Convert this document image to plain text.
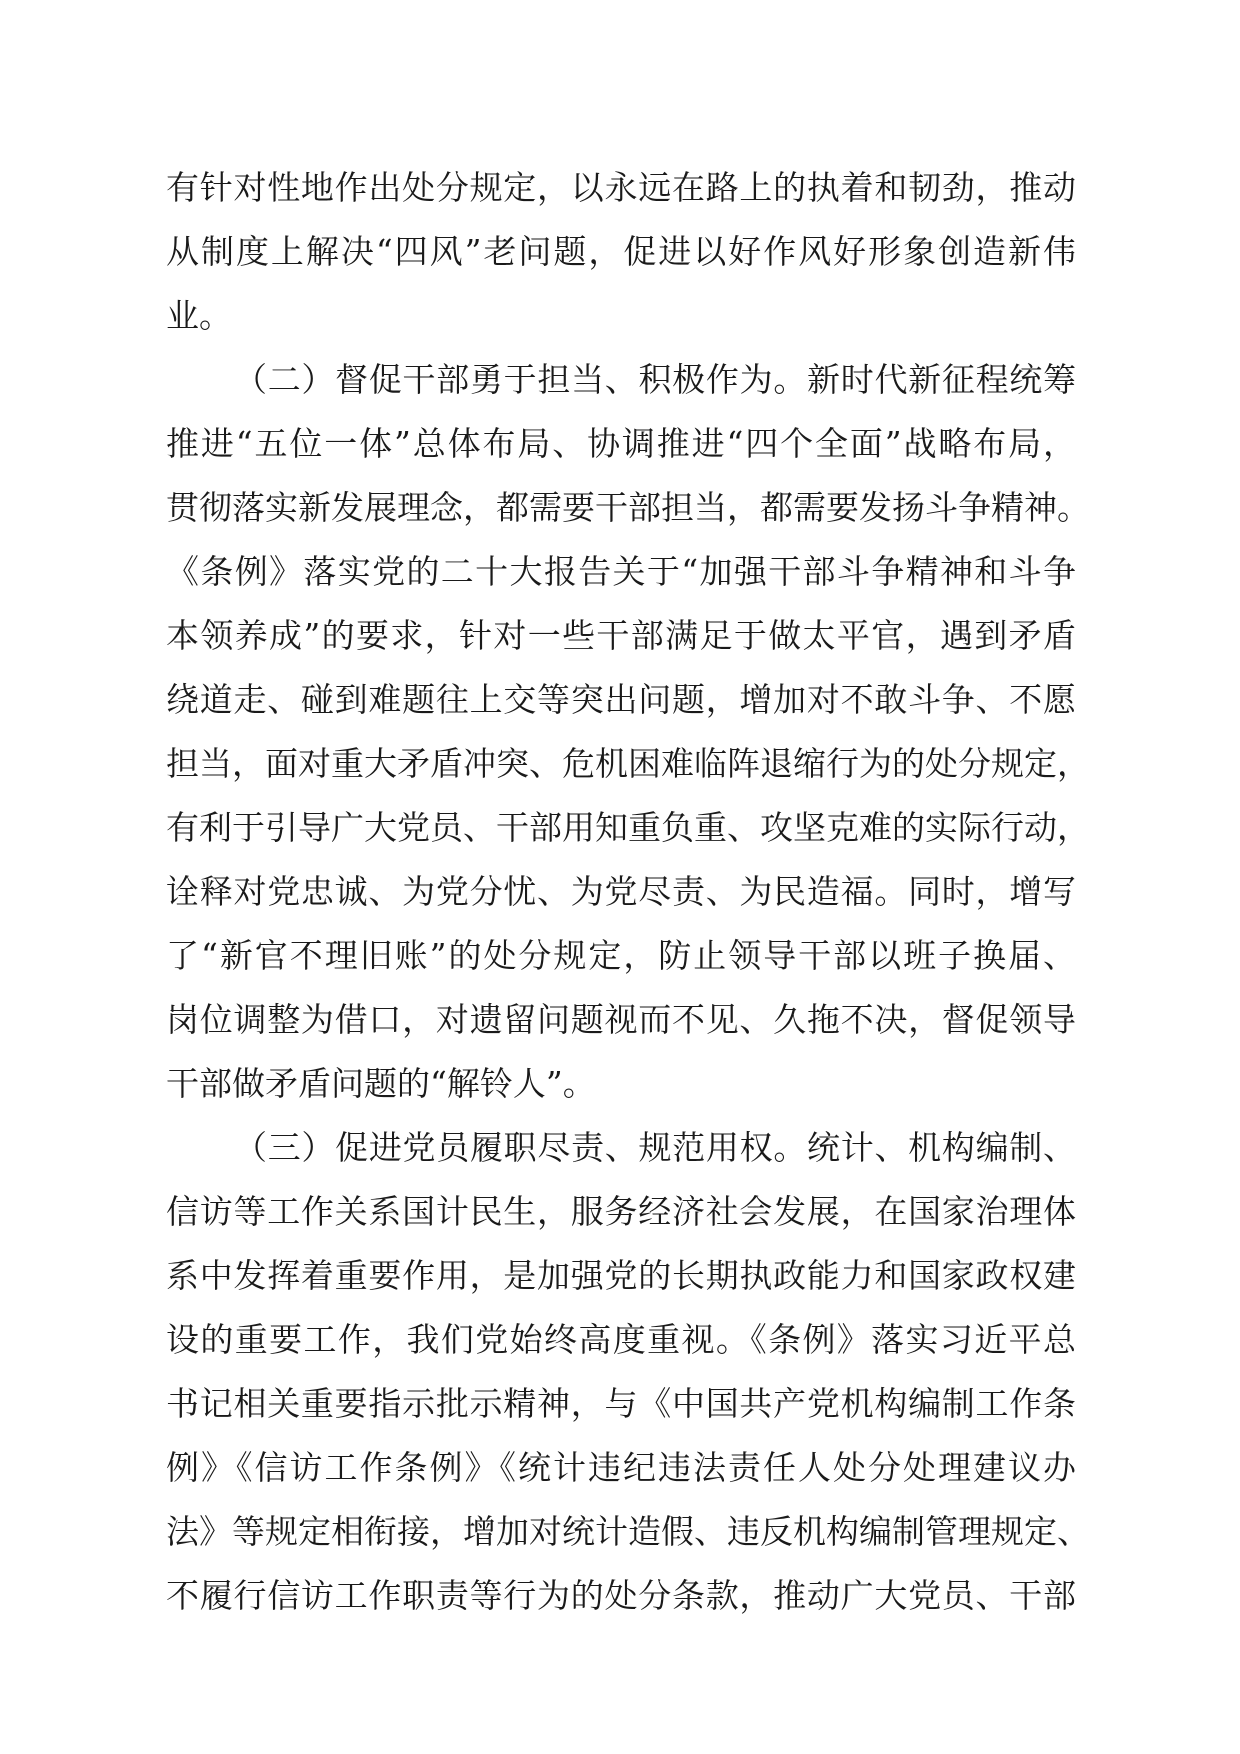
有针对性地作出处分规定，以永远在路上的执着和韧劲，推动
从制度上解决“四风”老问题，促进以好作风好形象创造新伟
业。
（二）督促干部勇于担当、积极作为。新时代新征程统筹
推进“五位一体”总体布局、协调推进“四个全面”战略布局，
贯彻落实新发展理念，都需要干部担当，都需要发扬斗争精神。
《条例》落实党的二十大报告关于“加强干部斗争精神和斗争
本领养成”的要求，针对一些干部满足于做太平官，遇到矛盾
绕道走、碰到难题往上交等突出问题，增加对不敢斗争、不愿
担当，面对重大矛盾冲突、危机困难临阵退缩行为的处分规定，
有利于引导广大党员、干部用知重负重、攻坚克难的实际行动，
诠释对党忠诚、为党分忧、为党尽责、为民造福。同时，增写
了“新官不理旧账”的处分规定，防止领导干部以班子换届、
岗位调整为借口，对遗留问题视而不见、久拖不决，督促领导
干部做矛盾问题的“解铃人”。
（三）促进党员履职尽责、规范用权。统计、机构编制、
信访等工作关系国计民生，服务经济社会发展，在国家治理体
系中发挥着重要作用，是加强党的长期执政能力和国家政权建
设的重要工作，我们党始终高度重视。《条例》落实习近平总
书记相关重要指示批示精神，与《中国共产党机构编制工作条
例》《信访工作条例》《统计违纪违法责任人处分处理建议办
法》等规定相衔接，增加对统计造假、违反机构编制管理规定、
不履行信访工作职责等行为的处分条款，推动广大党员、干部
